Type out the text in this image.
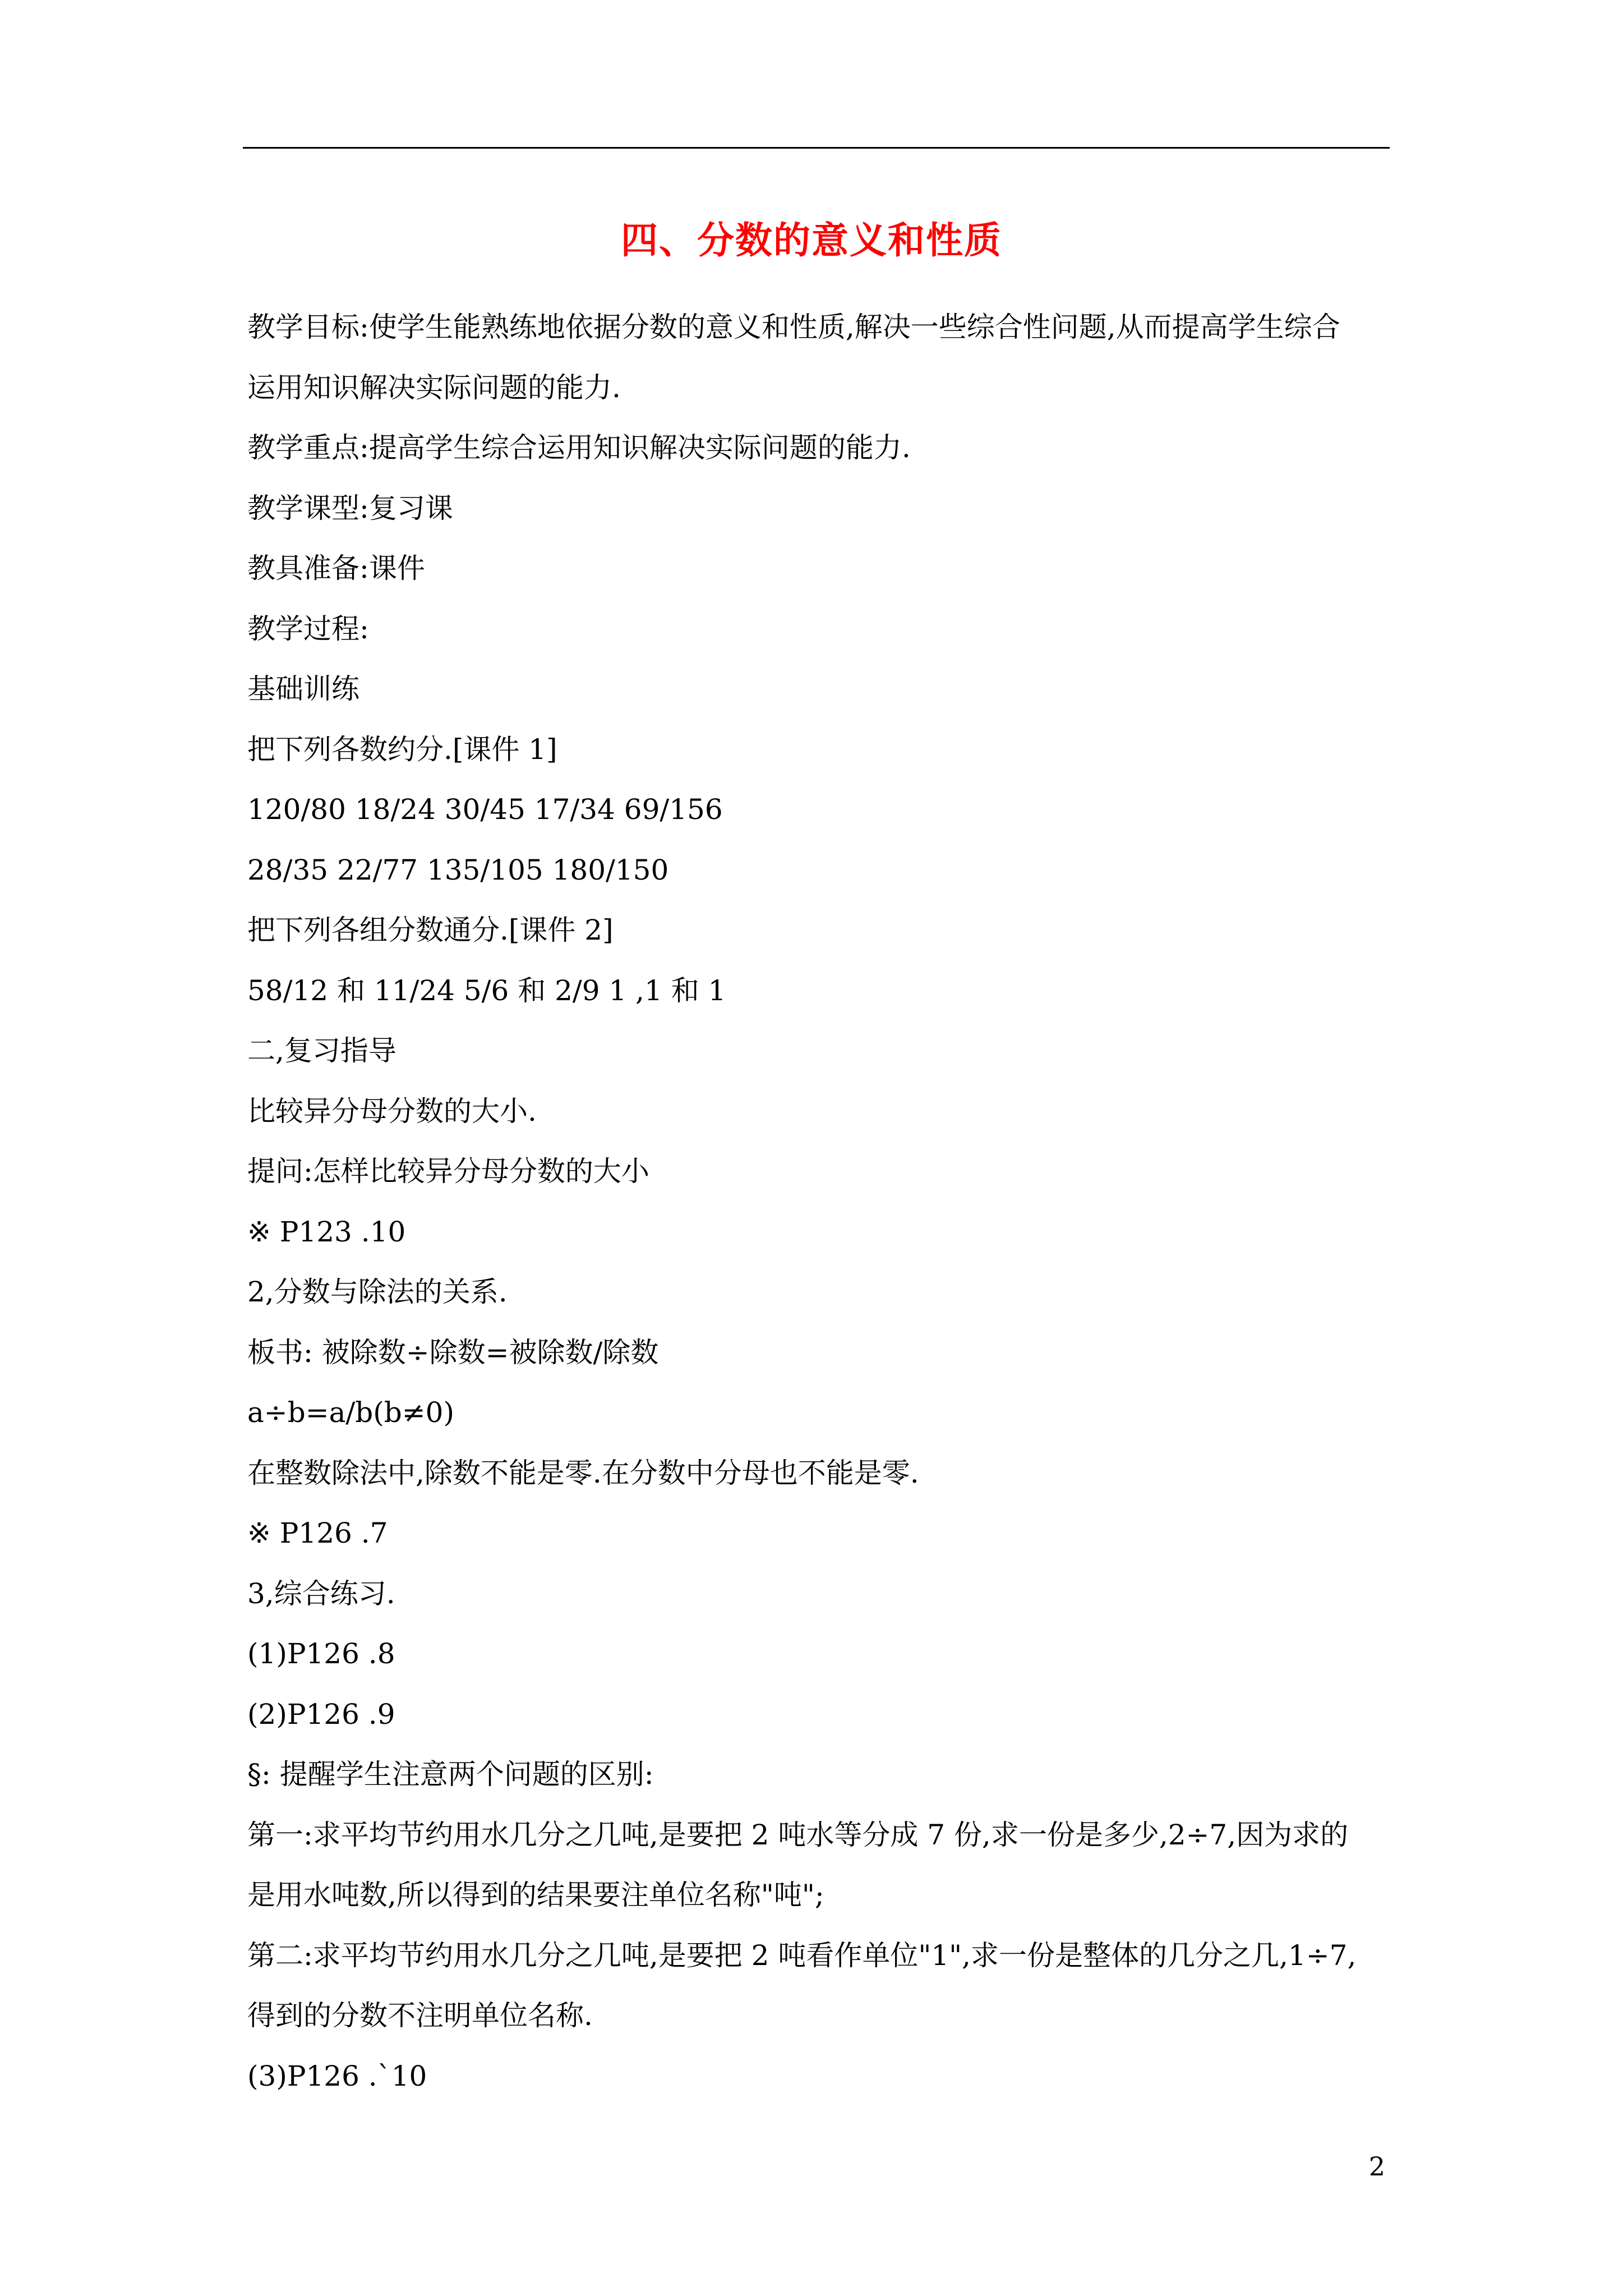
四、分数的意义和性质
教学目标:使学生能熟练地依据分数的意义和性质,解决一些综合性问题,从而提高学生综合
运用知识解决实际问题的能力.
教学重点:提高学生综合运用知识解决实际问题的能力.
教学课型:复习课
教具准备:课件
教学过程:
基础训练
把下列各数约分.[课件 1]
120/80 18/24 30/45 17/34 69/156
28/35 22/77 135/105 180/150
把下列各组分数通分.[课件 2]
58/12 和 11/24 5/6 和 2/9 1 ,1 和 1
二,复习指导
比较异分母分数的大小.
提问:怎样比较异分母分数的大小
※ P123 .10
2,分数与除法的关系.
板书: 被除数÷除数=被除数/除数
a÷b=a/b(b≠0)
在整数除法中,除数不能是零.在分数中分母也不能是零.
※ P126 .7
3,综合练习.
(1)P126 .8
(2)P126 .9
§: 提醒学生注意两个问题的区别:
第一:求平均节约用水几分之几吨,是要把 2 吨水等分成 7 份,求一份是多少,2÷7,因为求的
是用水吨数,所以得到的结果要注单位名称"吨";
第二:求平均节约用水几分之几吨,是要把 2 吨看作单位"1",求一份是整体的几分之几,1÷7,
得到的分数不注明单位名称.
(3)P126 .`10
2
